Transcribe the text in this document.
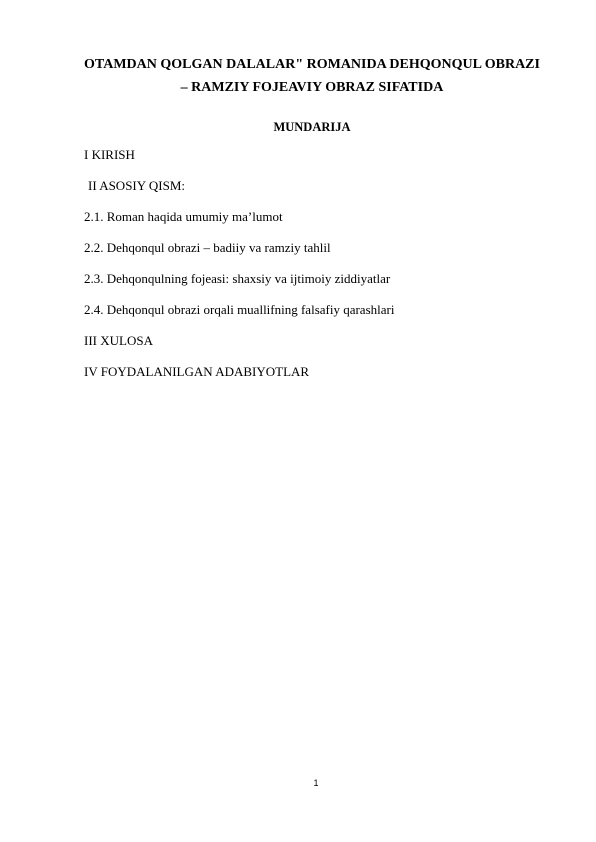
OTAMDAN QOLGAN DALALAR" ROMANIDA DEHQONQUL OBRAZI
– RAMZIY FOJEAVIY OBRAZ SIFATIDA
MUNDARIJA
I KIRISH
II ASOSIY QISM:
2.1. Roman haqida umumiy ma’lumot
2.2. Dehqonqul obrazi – badiiy va ramziy tahlil
2.3. Dehqonqulning fojeasi: shaxsiy va ijtimoiy ziddiyatlar
2.4. Dehqonqul obrazi orqali muallifning falsafiy qarashlari
III XULOSA
IV FOYDALANILGAN ADABIYOTLAR
1
